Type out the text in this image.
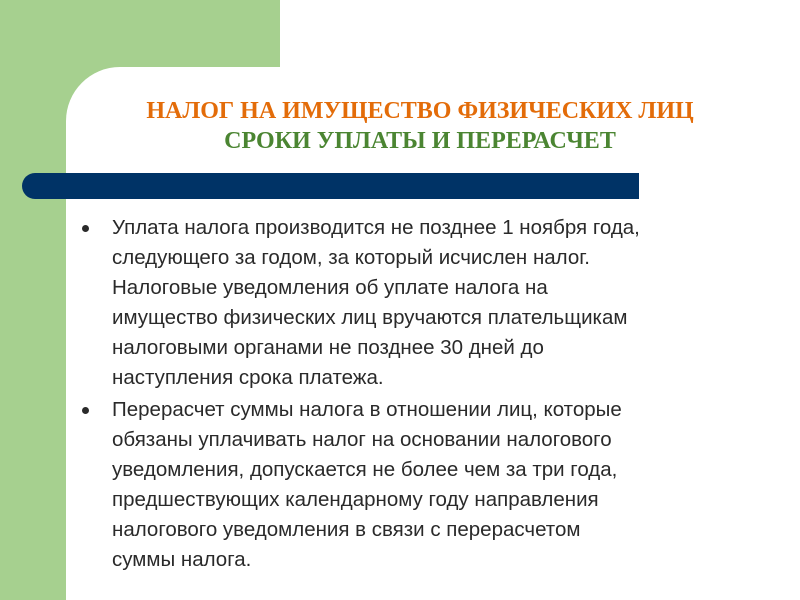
НАЛОГ НА ИМУЩЕСТВО ФИЗИЧЕСКИХ ЛИЦ
СРОКИ УПЛАТЫ И ПЕРЕРАСЧЕТ
Уплата налога производится не позднее 1 ноября года,
следующего за годом, за который исчислен налог.
Налоговые уведомления об уплате налога на
имущество физических лиц вручаются плательщикам
налоговыми органами не позднее 30 дней до
наступления срока платежа.
Перерасчет суммы налога в отношении лиц, которые
обязаны уплачивать налог на основании налогового
уведомления, допускается не более чем за три года,
предшествующих календарному году направления
налогового уведомления в связи с перерасчетом
суммы налога.
